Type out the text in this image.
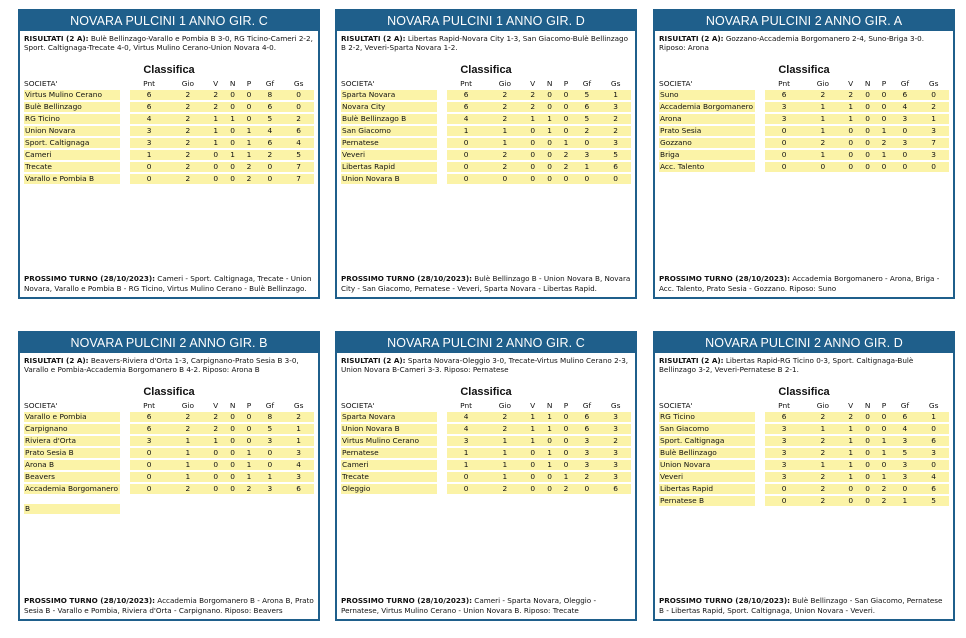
NOVARA PULCINI 1 ANNO GIR. C
RISULTATI (2 A): Bulè Bellinzago-Varallo e Pombia B 3-0, RG Ticino-Cameri 2-2, Sport. Caltignaga-Trecate 4-0, Virtus Mulino Cerano-Union Novara 4-0.
Classifica
SOCIETA'		Pnt	Gio	V	N	P	Gf	Gs
Virtus Mulino Cerano		6	2	2	0	0	8	0
Bulè Bellinzago		6	2	2	0	0	6	0
RG Ticino		4	2	1	1	0	5	2
Union Novara		3	2	1	0	1	4	6
Sport. Caltignaga		3	2	1	0	1	6	4
Cameri		1	2	0	1	1	2	5
Trecate		0	2	0	0	2	0	7
Varallo e Pombia B		0	2	0	0	2	0	7
PROSSIMO TURNO (28/10/2023): Cameri - Sport. Caltignaga, Trecate - Union Novara, Varallo e Pombia B - RG Ticino, Virtus Mulino Cerano - Bulè Bellinzago.
NOVARA PULCINI 1 ANNO GIR. D
RISULTATI (2 A): Libertas Rapid-Novara City 1-3, San Giacomo-Bulè Bellinzago B 2-2, Veveri-Sparta Novara 1-2.
Classifica
SOCIETA'		Pnt	Gio	V	N	P	Gf	Gs
Sparta Novara		6	2	2	0	0	5	1
Novara City		6	2	2	0	0	6	3
Bulè Bellinzago B		4	2	1	1	0	5	2
San Giacomo		1	1	0	1	0	2	2
Pernatese		0	1	0	0	1	0	3
Veveri		0	2	0	0	2	3	5
Libertas Rapid		0	2	0	0	2	1	6
Union Novara B		0	0	0	0	0	0	0
PROSSIMO TURNO (28/10/2023): Bulè Bellinzago B - Union Novara B, Novara City - San Giacomo, Pernatese - Veveri, Sparta Novara - Libertas Rapid.
NOVARA PULCINI 2 ANNO GIR. A
RISULTATI (2 A): Gozzano-Accademia Borgomanero 2-4, Suno-Briga 3-0. Riposo: Arona
Classifica
SOCIETA'		Pnt	Gio	V	N	P	Gf	Gs
Suno		6	2	2	0	0	6	0
Accademia Borgomanero		3	1	1	0	0	4	2
Arona		3	1	1	0	0	3	1
Prato Sesia		0	1	0	0	1	0	3
Gozzano		0	2	0	0	2	3	7
Briga		0	1	0	0	1	0	3
Acc. Talento		0	0	0	0	0	0	0
PROSSIMO TURNO (28/10/2023): Accademia Borgomanero - Arona, Briga - Acc. Talento, Prato Sesia - Gozzano. Riposo: Suno
NOVARA PULCINI 2 ANNO GIR. B
RISULTATI (2 A): Beavers-Riviera d'Orta 1-3, Carpignano-Prato Sesia B 3-0, Varallo e Pombia-Accademia Borgomanero B 4-2. Riposo: Arona B
Classifica
SOCIETA'		Pnt	Gio	V	N	P	Gf	Gs
Varallo e Pombia		6	2	2	0	0	8	2
Carpignano		6	2	2	0	0	5	1
Riviera d'Orta		3	1	1	0	0	3	1
Prato Sesia B		0	1	0	0	1	0	3
Arona B		0	1	0	0	1	0	4
Beavers		0	1	0	0	1	1	3
Accademia Borgomanero		0	2	0	0	2	3	6
B
PROSSIMO TURNO (28/10/2023): Accademia Borgomanero B - Arona B, Prato Sesia B - Varallo e Pombia, Riviera d'Orta - Carpignano. Riposo: Beavers
NOVARA PULCINI 2 ANNO GIR. C
RISULTATI (2 A): Sparta Novara-Oleggio 3-0, Trecate-Virtus Mulino Cerano 2-3, Union Novara B-Cameri 3-3. Riposo: Pernatese
Classifica
SOCIETA'		Pnt	Gio	V	N	P	Gf	Gs
Sparta Novara		4	2	1	1	0	6	3
Union Novara B		4	2	1	1	0	6	3
Virtus Mulino Cerano		3	1	1	0	0	3	2
Pernatese		1	1	0	1	0	3	3
Cameri		1	1	0	1	0	3	3
Trecate		0	1	0	0	1	2	3
Oleggio		0	2	0	0	2	0	6
PROSSIMO TURNO (28/10/2023): Cameri - Sparta Novara, Oleggio - Pernatese, Virtus Mulino Cerano - Union Novara B. Riposo: Trecate
NOVARA PULCINI 2 ANNO GIR. D
RISULTATI (2 A): Libertas Rapid-RG Ticino 0-3, Sport. Caltignaga-Bulè Bellinzago 3-2, Veveri-Pernatese B 2-1.
Classifica
SOCIETA'		Pnt	Gio	V	N	P	Gf	Gs
RG Ticino		6	2	2	0	0	6	1
San Giacomo		3	1	1	0	0	4	0
Sport. Caltignaga		3	2	1	0	1	3	6
Bulè Bellinzago		3	2	1	0	1	5	3
Union Novara		3	1	1	0	0	3	0
Veveri		3	2	1	0	1	3	4
Libertas Rapid		0	2	0	0	2	0	6
Pernatese B		0	2	0	0	2	1	5
PROSSIMO TURNO (28/10/2023): Bulè Bellinzago - San Giacomo, Pernatese B - Libertas Rapid, Sport. Caltignaga, Union Novara - Veveri.
